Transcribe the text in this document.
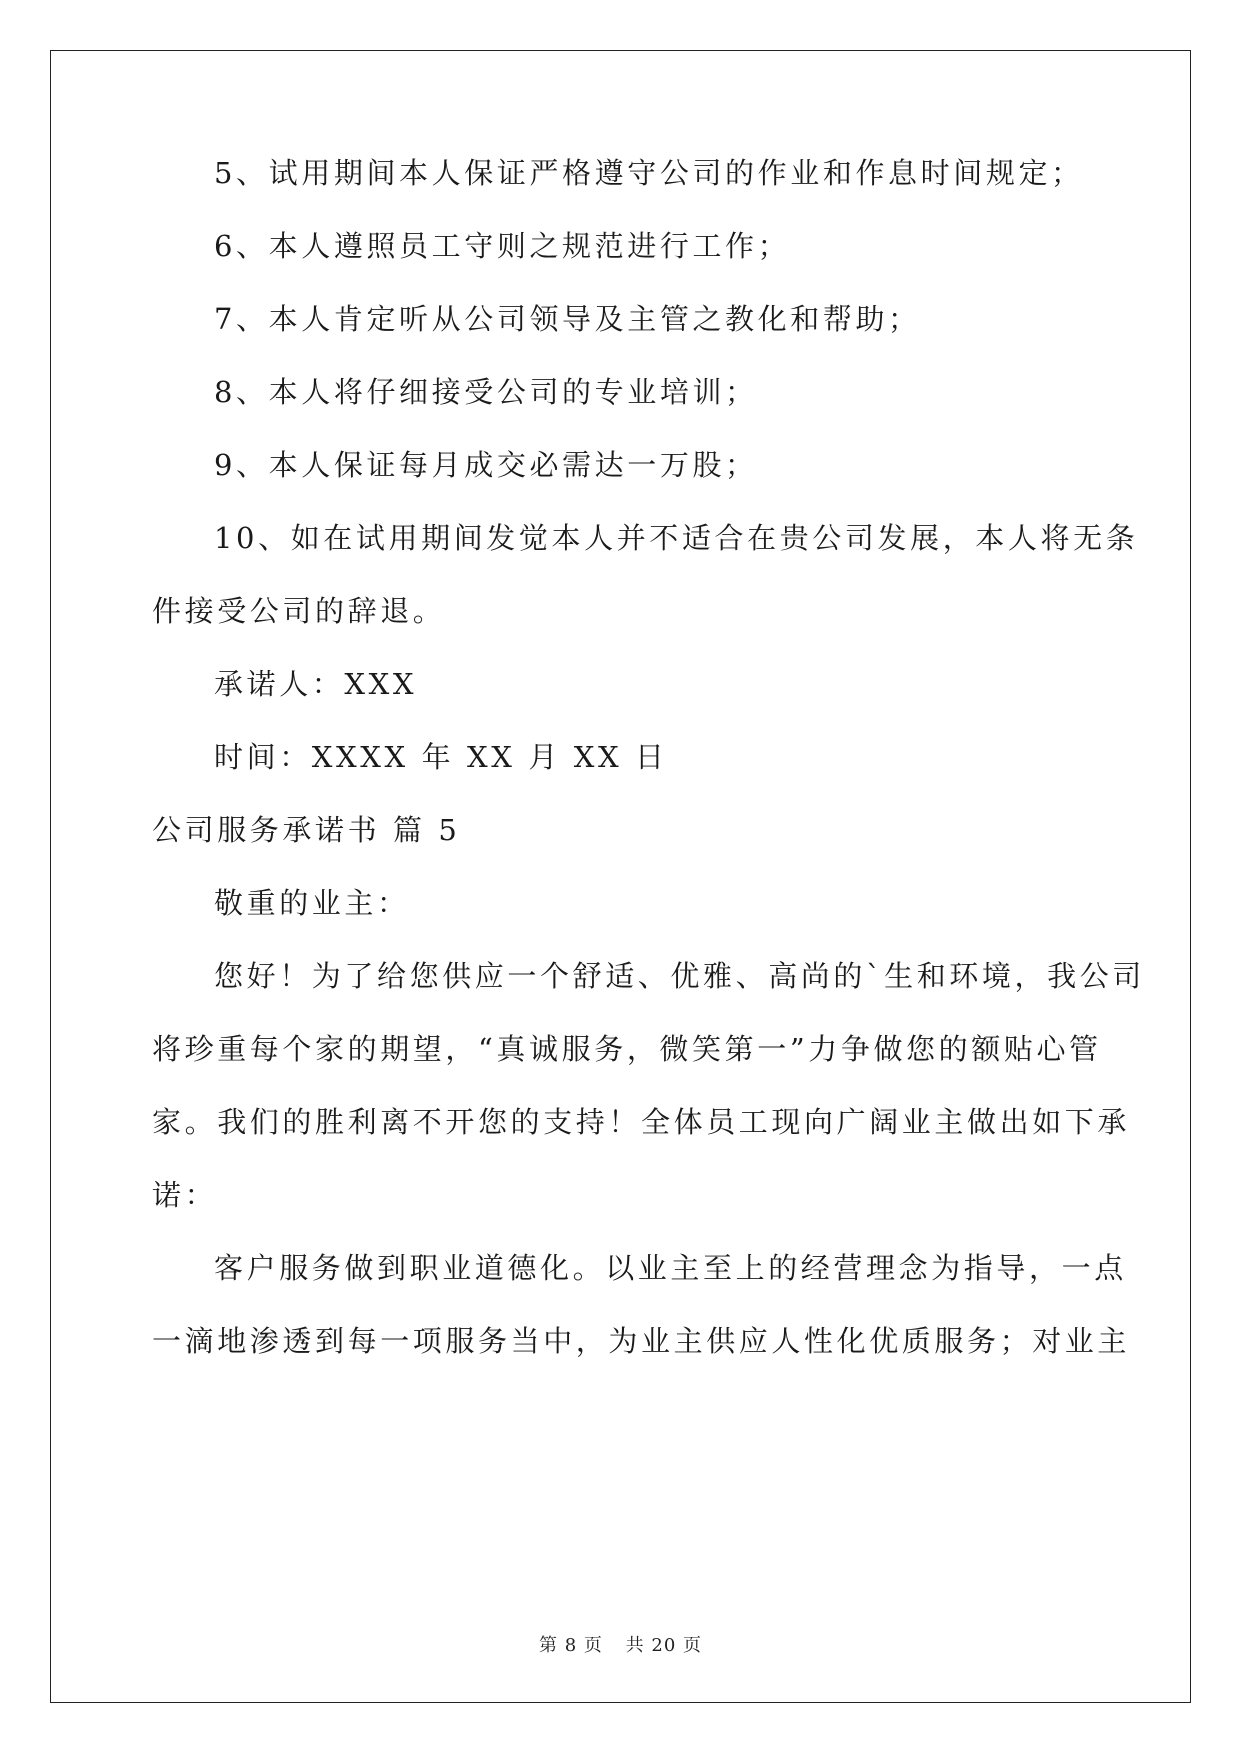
5、试用期间本人保证严格遵守公司的作业和作息时间规定；
6、本人遵照员工守则之规范进行工作；
7、本人肯定听从公司领导及主管之教化和帮助；
8、本人将仔细接受公司的专业培训；
9、本人保证每月成交必需达一万股；
10、如在试用期间发觉本人并不适合在贵公司发展，本人将无条
件接受公司的辞退。
承诺人：XXX
时间：XXXX 年 XX 月 XX 日
公司服务承诺书 篇 5
敬重的业主：
您好！为了给您供应一个舒适、优雅、高尚的`生和环境，我公司
将珍重每个家的期望，“真诚服务，微笑第一”力争做您的额贴心管
家。我们的胜利离不开您的支持！全体员工现向广阔业主做出如下承
诺：
客户服务做到职业道德化。以业主至上的经营理念为指导，一点
一滴地渗透到每一项服务当中，为业主供应人性化优质服务；对业主
第 8 页 共 20 页
